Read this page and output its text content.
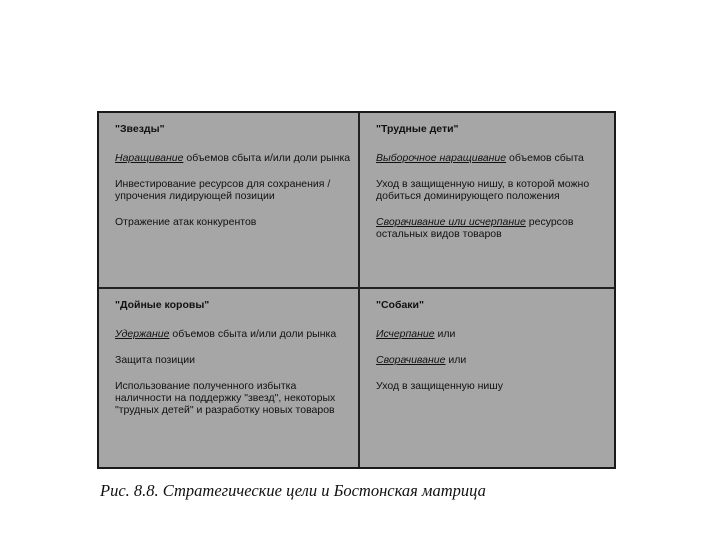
"Звезды"
Наращивание объемов сбыта и/или доли рынка
Инвестирование ресурсов для сохранения /упрочения лидирующей позиции
Отражение атак конкурентов
"Трудные дети"
Выборочное наращивание объемов сбыта
Уход в защищенную нишу, в которой можно добиться доминирующего положения
Сворачивание или исчерпание ресурсов остальных видов товаров
"Дойные коровы"
Удержание объемов сбыта и/или доли рынка
Защита позиции
Использование полученного избытка наличности на поддержку "звезд", некоторых "трудных детей" и разработку новых товаров
"Собаки"
Исчерпание или
Сворачивание или
Уход в защищенную нишу
Рис. 8.8. Стратегические цели и Бостонская матрица
